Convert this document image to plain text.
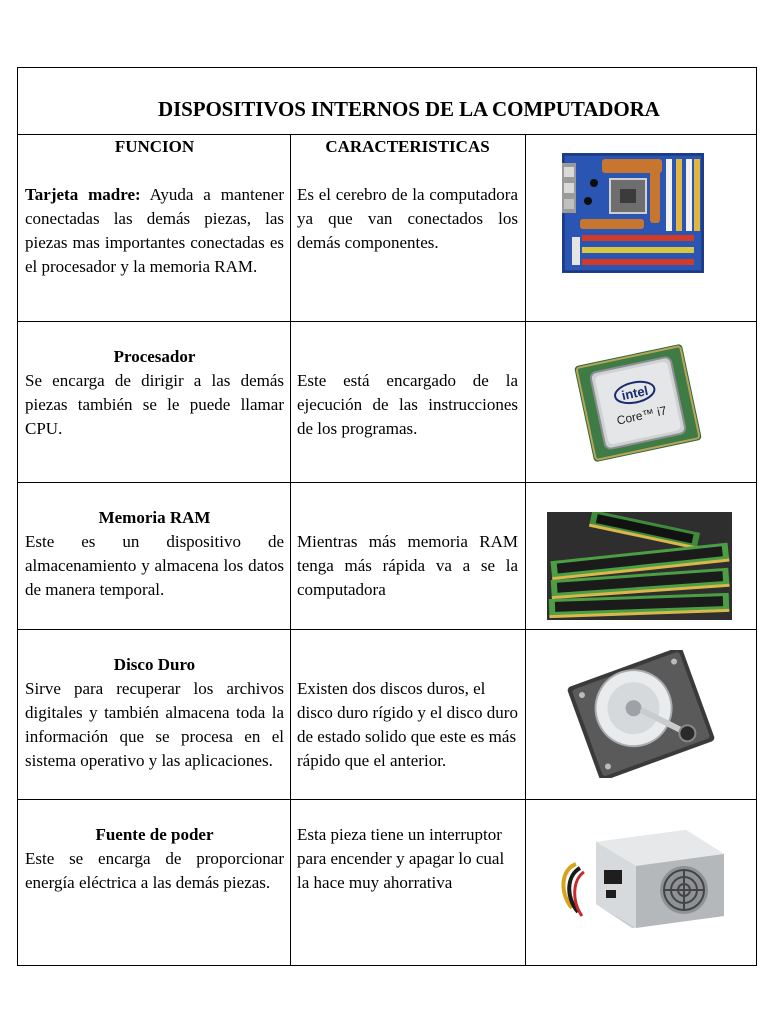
DISPOSITIVOS INTERNOS DE LA COMPUTADORA
FUNCION
Tarjeta madre: Ayuda a mantener conectadas las demás piezas, las piezas mas importantes conectadas es el procesador y la memoria RAM.
CARACTERISTICAS
Es el cerebro de la computadora ya que van conectados los demás componentes.
Procesador
Se encarga de dirigir a las demás piezas también se le puede llamar CPU.
Este está encargado de la ejecución de las instrucciones de los programas.
intel
Core™ i7
Memoria RAM
Este es un dispositivo de almacenamiento y almacena los datos de manera temporal.
Mientras más memoria RAM tenga más rápida va a se la computadora
Disco Duro
Sirve para recuperar los archivos digitales y también almacena toda la información que se procesa en el sistema operativo y las aplicaciones.
Existen dos discos duros, el disco duro rígido y el disco duro de estado solido que este es más rápido que el anterior.
Fuente de poder
Este se encarga de proporcionar energía eléctrica a las demás piezas.
Esta pieza tiene un interruptor para encender y apagar lo cual la hace muy ahorrativa
